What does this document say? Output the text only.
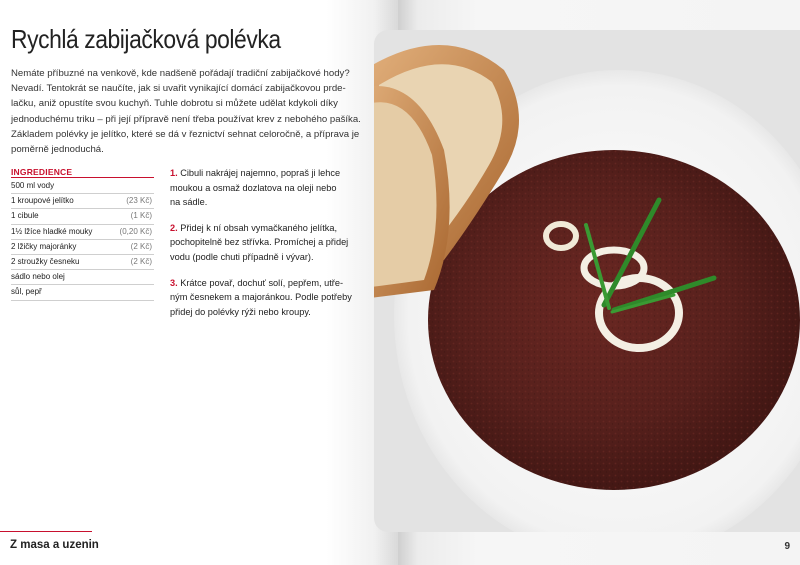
Rychlá zabijačková polévka
Nemáte příbuzné na venkově, kde nadšeně pořádají tradiční zabijačkové hody?
Nevadí. Tentokrát se naučíte, jak si uvařit vynikající domácí zabijačkovou prde-
lačku, aniž opustíte svou kuchyň. Tuhle dobrotu si můžete udělat kdykoli díky
jednoduchému triku – při její přípravě není třeba používat krev z nebohého pašíka.
Základem polévky je jelítko, které se dá v řeznictví sehnat celoročně, a příprava je
poměrně jednoduchá.
INGREDIENCE
500 ml vody
1 kroupové jelítko	(23 Kč)
1 cibule	(1 Kč)
1½ lžíce hladké mouky	(0,20 Kč)
2 lžičky majoránky	(2 Kč)
2 stroužky česneku	(2 Kč)
sádlo nebo olej
sůl, pepř
1. Cibuli nakrájej najemno, popraš ji lehce
moukou a osmaž dozlatova na oleji nebo
na sádle.
2. Přidej k ní obsah vymačkaného jelítka,
pochopitelně bez střívka. Promíchej a přidej
vodu (podle chuti případně i vývar).
3. Krátce povař, dochuť solí, pepřem, utře-
ným česnekem a majoránkou. Podle potřeby
přidej do polévky rýži nebo kroupy.
Z masa a uzenin	9
